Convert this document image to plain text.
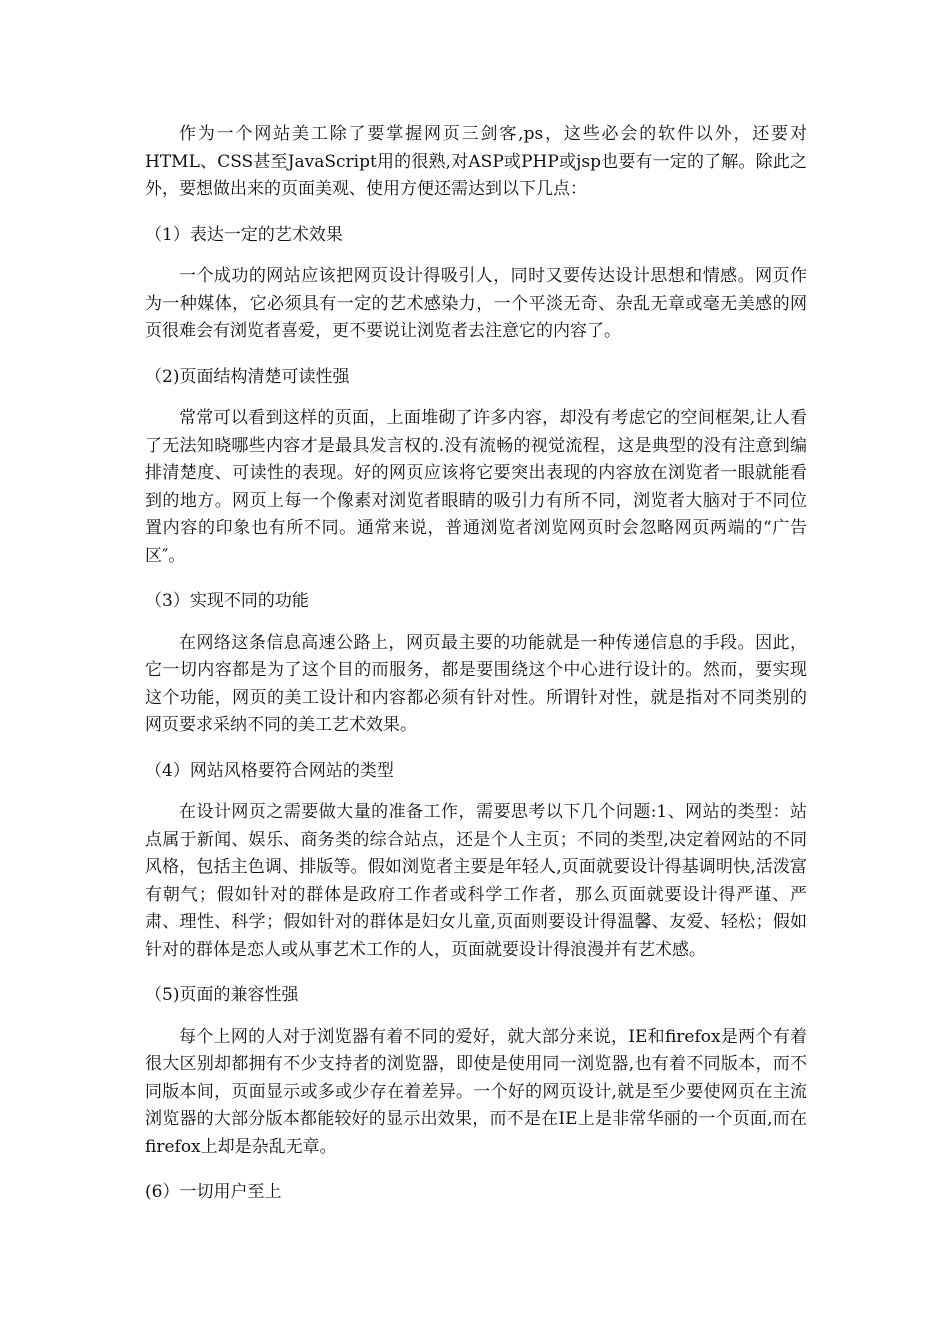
作为一个网站美工除了要掌握网页三剑客,ps，这些必会的软件以外，还要对HTML、CSS甚至JavaScript用的很熟,对ASP或PHP或jsp也要有一定的了解。除此之外，要想做出来的页面美观、使用方便还需达到以下几点：

（1）表达一定的艺术效果

一个成功的网站应该把网页设计得吸引人，同时又要传达设计思想和情感。网页作为一种媒体，它必须具有一定的艺术感染力，一个平淡无奇、杂乱无章或毫无美感的网页很难会有浏览者喜爱，更不要说让浏览者去注意它的内容了。

（2)页面结构清楚可读性强

常常可以看到这样的页面，上面堆砌了许多内容，却没有考虑它的空间框架,让人看了无法知晓哪些内容才是最具发言权的.没有流畅的视觉流程，这是典型的没有注意到编排清楚度、可读性的表现。好的网页应该将它要突出表现的内容放在浏览者一眼就能看到的地方。网页上每一个像素对浏览者眼睛的吸引力有所不同，浏览者大脑对于不同位置内容的印象也有所不同。通常来说，普通浏览者浏览网页时会忽略网页两端的“广告区″。

（3）实现不同的功能

在网络这条信息高速公路上，网页最主要的功能就是一种传递信息的手段。因此，它一切内容都是为了这个目的而服务，都是要围绕这个中心进行设计的。然而，要实现这个功能，网页的美工设计和内容都必须有针对性。所谓针对性，就是指对不同类别的网页要求采纳不同的美工艺术效果。

（4）网站风格要符合网站的类型

在设计网页之需要做大量的准备工作，需要思考以下几个问题:1、网站的类型：站点属于新闻、娱乐、商务类的综合站点，还是个人主页；不同的类型,决定着网站的不同风格，包括主色调、排版等。假如浏览者主要是年轻人,页面就要设计得基调明快,活泼富有朝气；假如针对的群体是政府工作者或科学工作者，那么页面就要设计得严谨、严肃、理性、科学；假如针对的群体是妇女儿童,页面则要设计得温馨、友爱、轻松；假如针对的群体是恋人或从事艺术工作的人，页面就要设计得浪漫并有艺术感。

（5)页面的兼容性强

每个上网的人对于浏览器有着不同的爱好，就大部分来说，IE和firefox是两个有着很大区别却都拥有不少支持者的浏览器，即使是使用同一浏览器,也有着不同版本，而不同版本间，页面显示或多或少存在着差异。一个好的网页设计,就是至少要使网页在主流浏览器的大部分版本都能较好的显示出效果，而不是在IE上是非常华丽的一个页面,而在firefox上却是杂乱无章。

(6）一切用户至上
